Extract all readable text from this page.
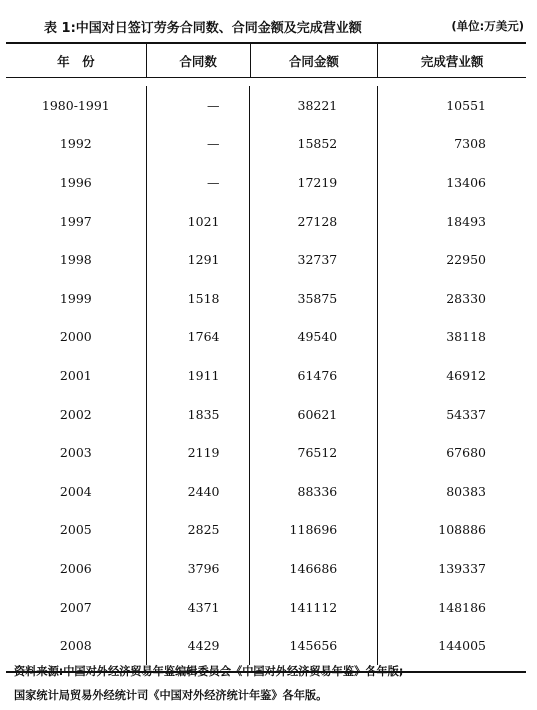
表 1:中国对日签订劳务合同数、合同金额及完成营业额	(单位:万美元)
年　份	合同数	合同金额	完成营业额
1980-1991	—	38221	10551
1992	—	15852	7308
1996	—	17219	13406
1997	1021	27128	18493
1998	1291	32737	22950
1999	1518	35875	28330
2000	1764	49540	38118
2001	1911	61476	46912
2002	1835	60621	54337
2003	2119	76512	67680
2004	2440	88336	80383
2005	2825	118696	108886
2006	3796	146686	139337
2007	4371	141112	148186
2008	4429	145656	144005
资料来源:中国对外经济贸易年鉴编辑委员会《中国对外经济贸易年鉴》各年版;
国家统计局贸易外经统计司《中国对外经济统计年鉴》各年版。
